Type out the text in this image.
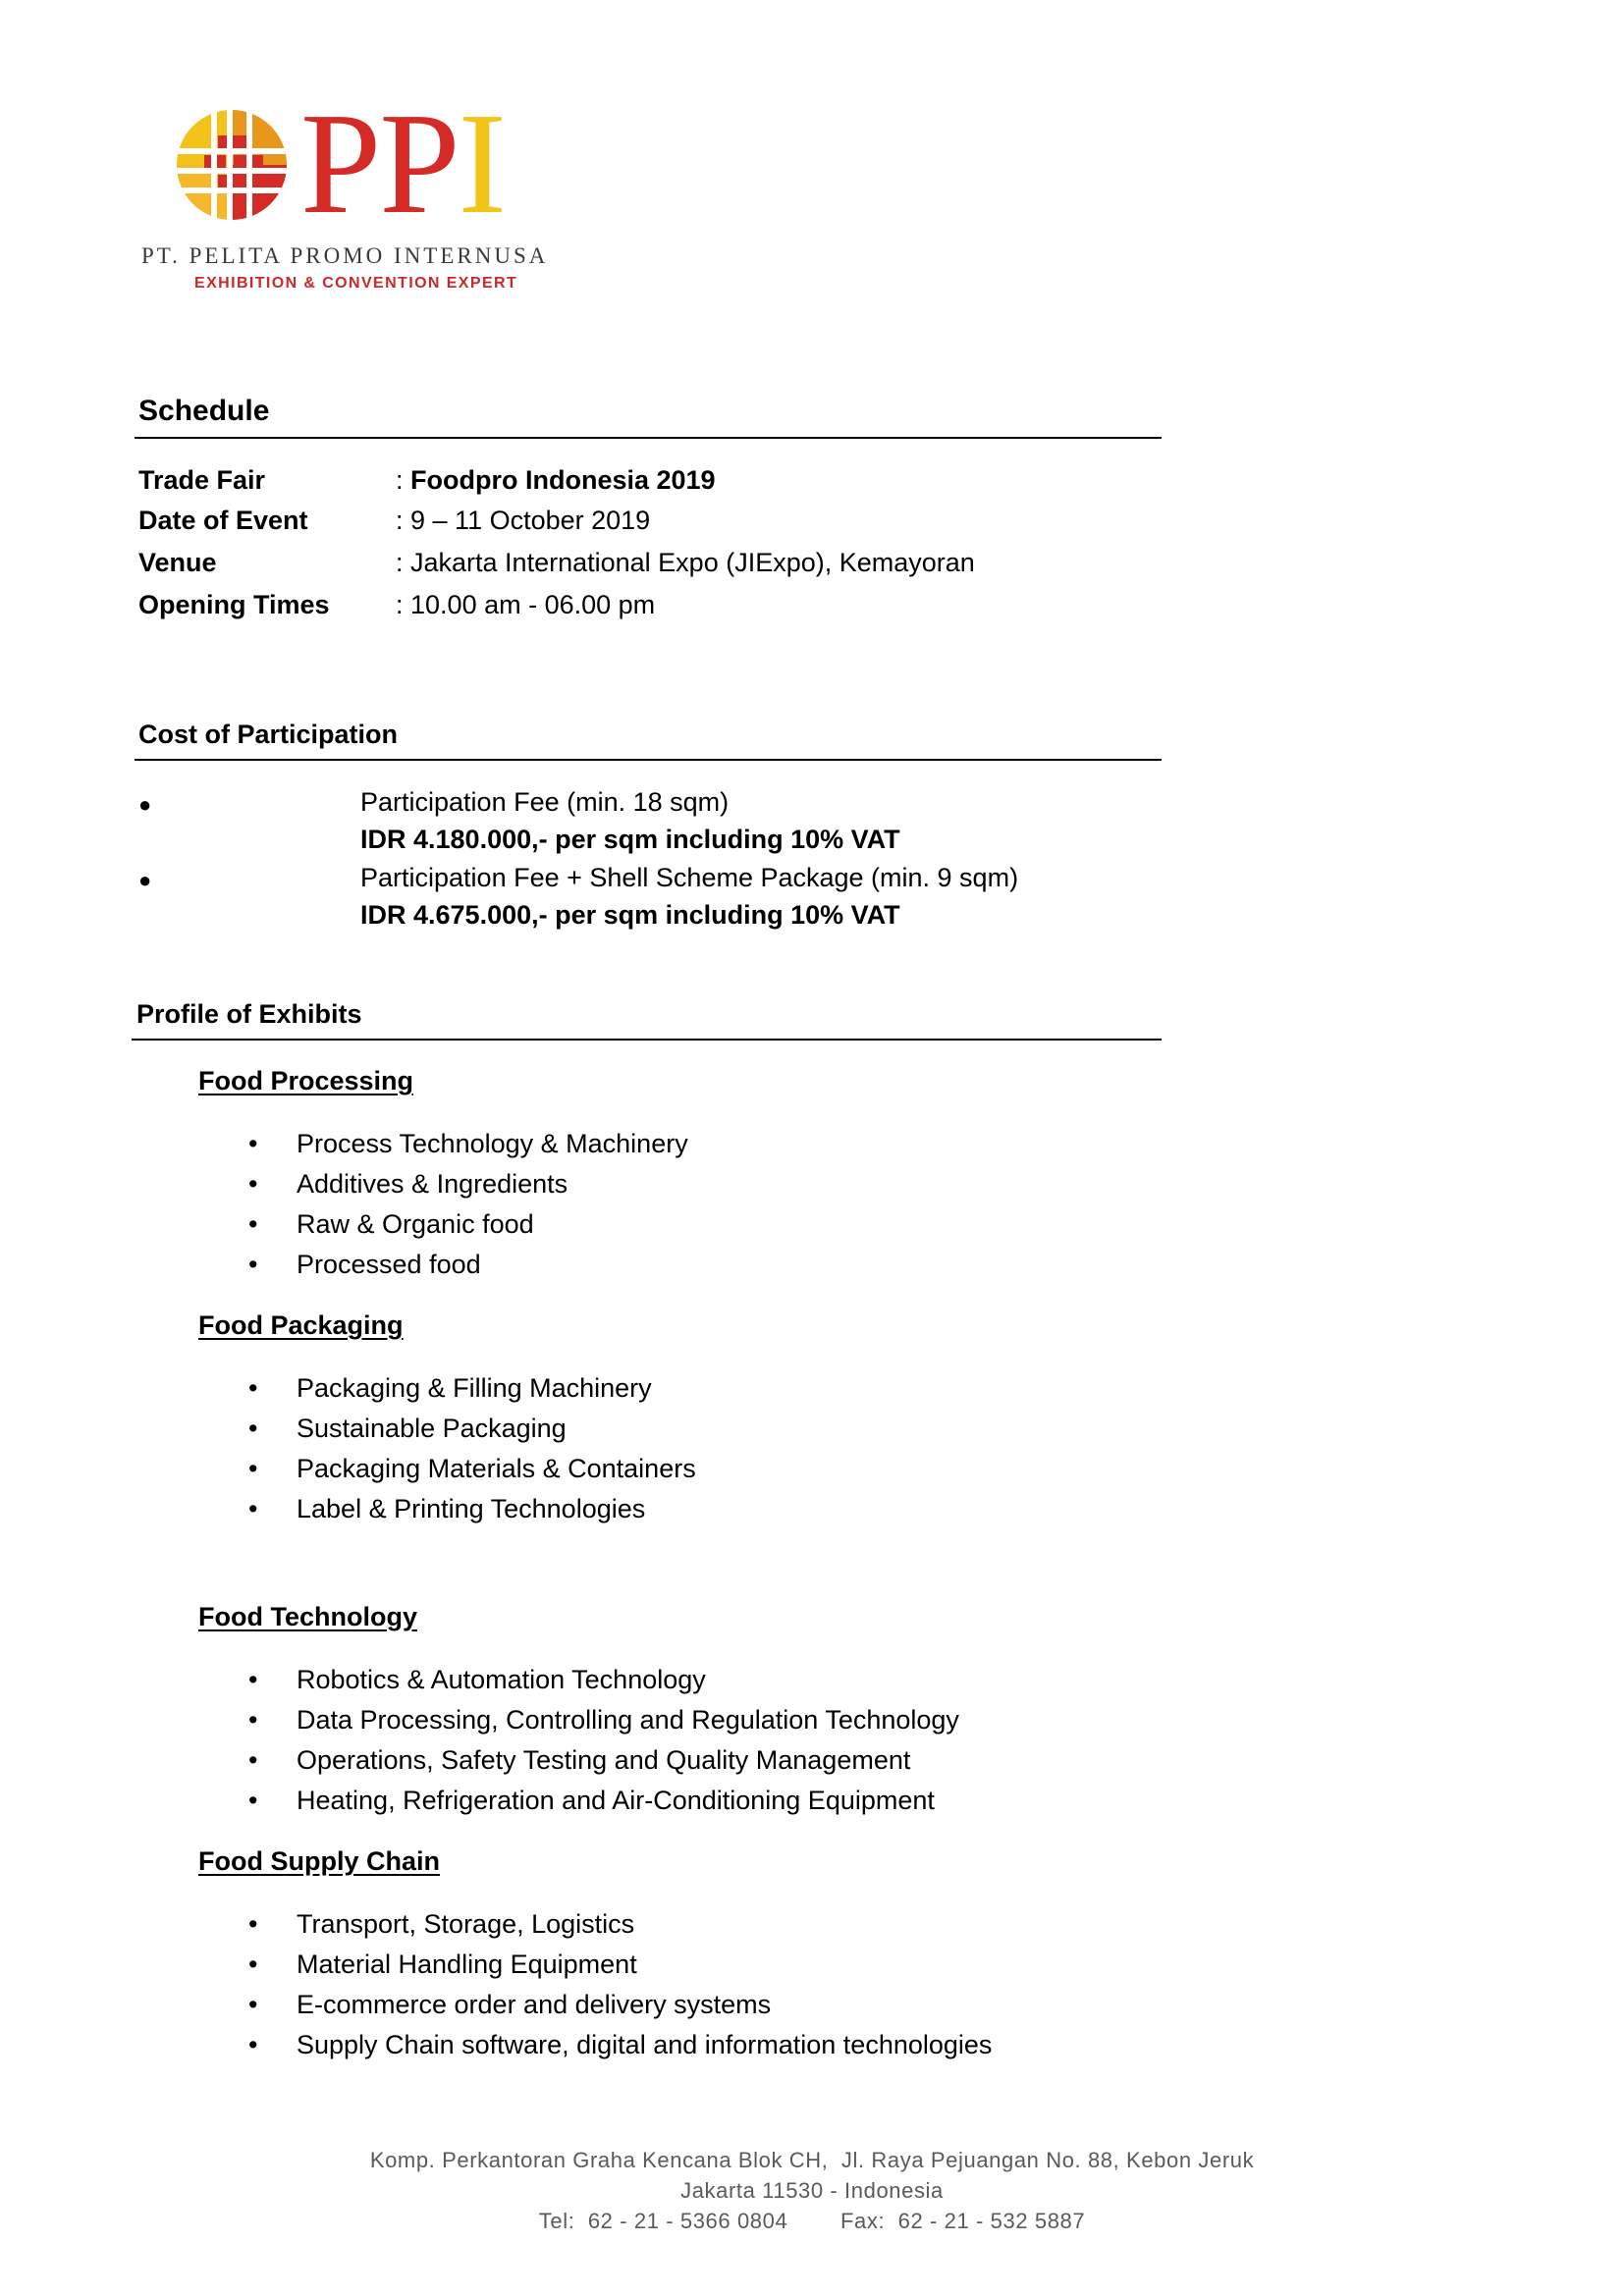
PPI
PT. PELITA PROMO INTERNUSA
EXHIBITION & CONVENTION EXPERT
Schedule
Trade Fair	: Foodpro Indonesia 2019
Date of Event	: 9 – 11 October 2019
Venue	: Jakarta International Expo (JIExpo), Kemayoran
Opening Times : 10.00 am - 06.00 pm
Cost of Participation
●	Participation Fee (min. 18 sqm)
IDR 4.180.000,- per sqm including 10% VAT
●	Participation Fee + Shell Scheme Package (min. 9 sqm)
IDR 4.675.000,- per sqm including 10% VAT
Profile of Exhibits
Food Processing
• Process Technology & Machinery
• Additives & Ingredients
• Raw & Organic food
• Processed food
Food Packaging
• Packaging & Filling Machinery
• Sustainable Packaging
• Packaging Materials & Containers
• Label & Printing Technologies
Food Technology
• Robotics & Automation Technology
• Data Processing, Controlling and Regulation Technology
• Operations, Safety Testing and Quality Management
• Heating, Refrigeration and Air-Conditioning Equipment
Food Supply Chain
• Transport, Storage, Logistics
• Material Handling Equipment
• E-commerce order and delivery systems
• Supply Chain software, digital and information technologies
Komp. Perkantoran Graha Kencana Blok CH,  Jl. Raya Pejuangan No. 88, Kebon Jeruk
Jakarta 11530 - Indonesia
Tel: 62 - 21 - 5366 0804 Fax: 62 - 21 - 532 5887
